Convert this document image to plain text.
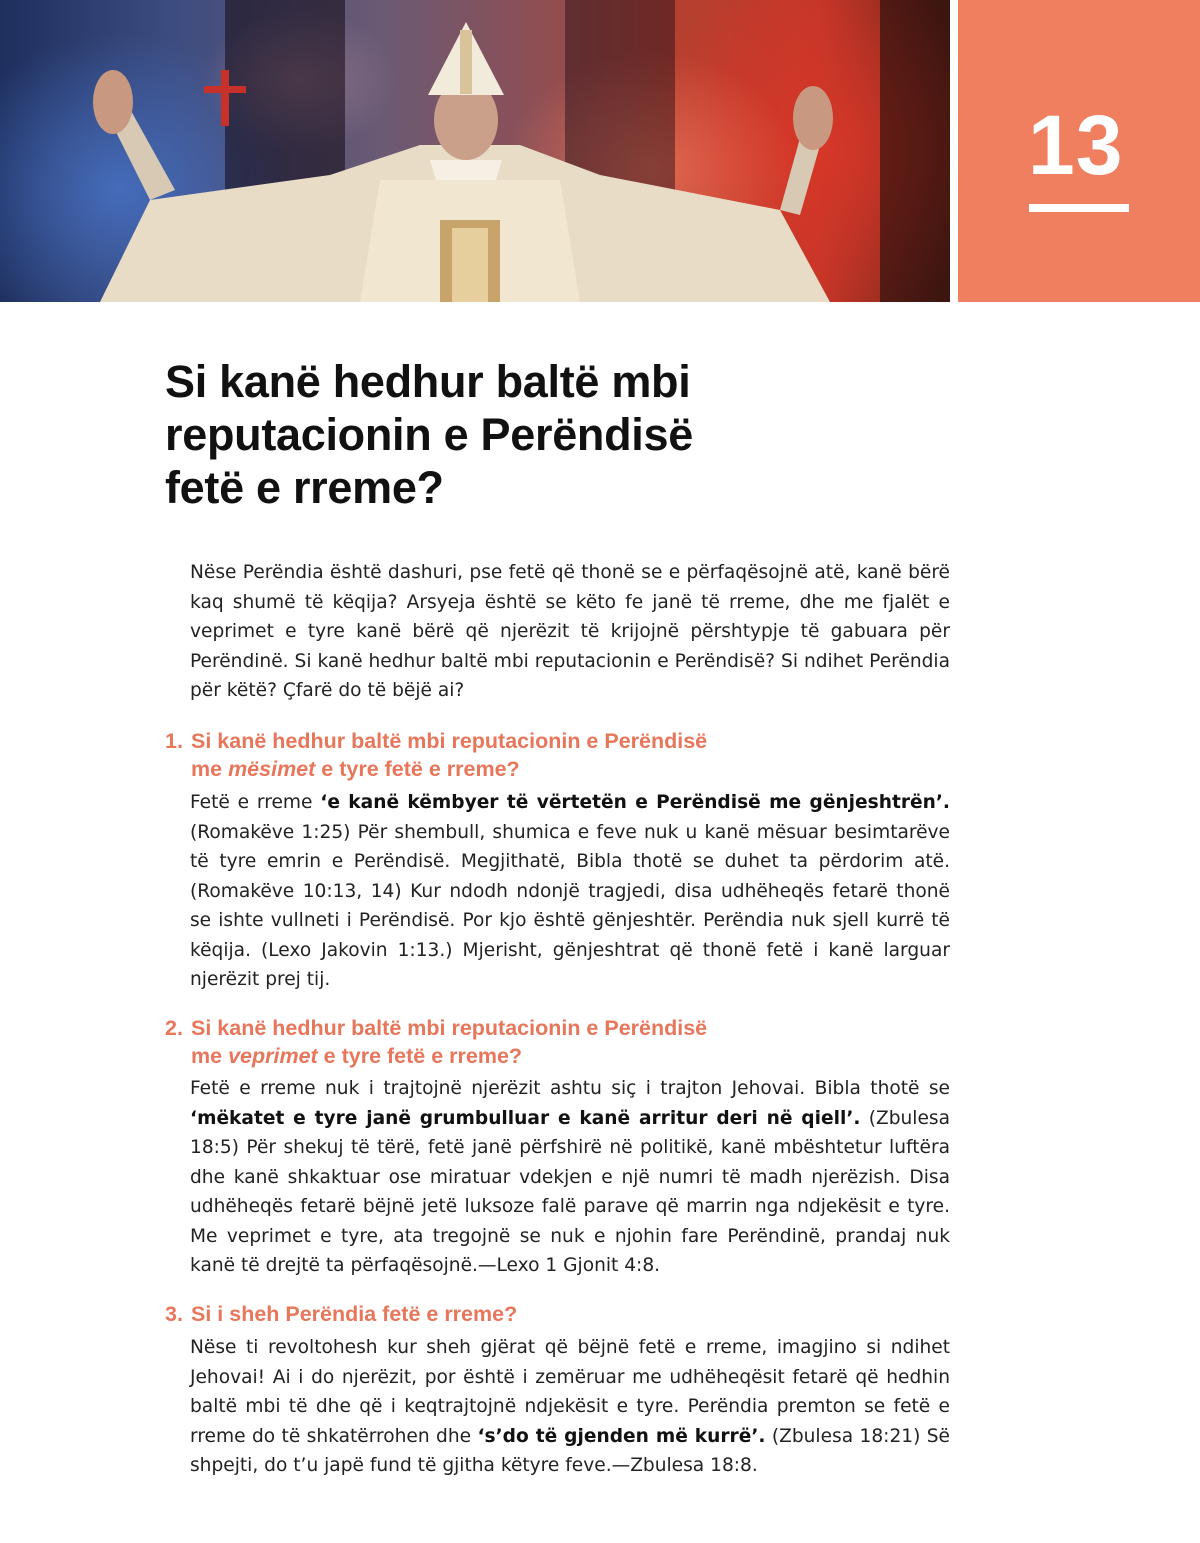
13
Si kanë hedhur baltë mbi
reputacionin e Perëndisë
fetë e rreme?

Nëse Perëndia është dashuri, pse fetë që thonë se e përfaqësojnë atë, kanë bërë kaq shumë të këqija? Arsyeja është se këto fe janë të rreme, dhe me fjalët e veprimet e tyre kanë bërë që njerëzit të krijojnë përshtypje të gabuara për Perëndinë. Si kanë hedhur baltë mbi reputacionin e Perëndisë? Si ndihet Perëndia për këtë? Çfarë do të bëjë ai?

1. Si kanë hedhur baltë mbi reputacionin e Perëndisë
me mësimet e tyre fetë e rreme?

Fetë e rreme ‘e kanë këmbyer të vërtetën e Perëndisë me gënjeshtrën’. (Romakëve 1:25) Për shembull, shumica e feve nuk u kanë mësuar besimtarëve të tyre emrin e Perëndisë. Megjithatë, Bibla thotë se duhet ta përdorim atë. (Romakëve 10:13, 14) Kur ndodh ndonjë tragjedi, disa udhëheqës fetarë thonë se ishte vullneti i Perëndisë. Por kjo është gënjeshtër. Perëndia nuk sjell kurrë të këqija. (Lexo Jakovin 1:13.) Mjerisht, gënjeshtrat që thonë fetë i kanë larguar njerëzit prej tij.

2. Si kanë hedhur baltë mbi reputacionin e Perëndisë
me veprimet e tyre fetë e rreme?

Fetë e rreme nuk i trajtojnë njerëzit ashtu siç i trajton Jehovai. Bibla thotë se ‘mëkatet e tyre janë grumbulluar e kanë arritur deri në qiell’. (Zbulesa 18:5) Për shekuj të tërë, fetë janë përfshirë në politikë, kanë mbështetur luftëra dhe kanë shkaktuar ose miratuar vdekjen e një numri të madh njerëzish. Disa udhëheqës fetarë bëjnë jetë luksoze falë parave që marrin nga ndjekësit e tyre. Me veprimet e tyre, ata tregojnë se nuk e njohin fare Perëndinë, prandaj nuk kanë të drejtë ta përfaqësojnë.—Lexo 1 Gjonit 4:8.

3. Si i sheh Perëndia fetë e rreme?

Nëse ti revoltohesh kur sheh gjërat që bëjnë fetë e rreme, imagjino si ndihet Jehovai! Ai i do njerëzit, por është i zemëruar me udhëheqësit fetarë që hedhin baltë mbi të dhe që i keqtrajtojnë ndjekësit e tyre. Perëndia premton se fetë e rreme do të shkatërrohen dhe ‘s’do të gjenden më kurrë’. (Zbulesa 18:21) Së shpejti, do t’u japë fund të gjitha këtyre feve.—Zbulesa 18:8.
